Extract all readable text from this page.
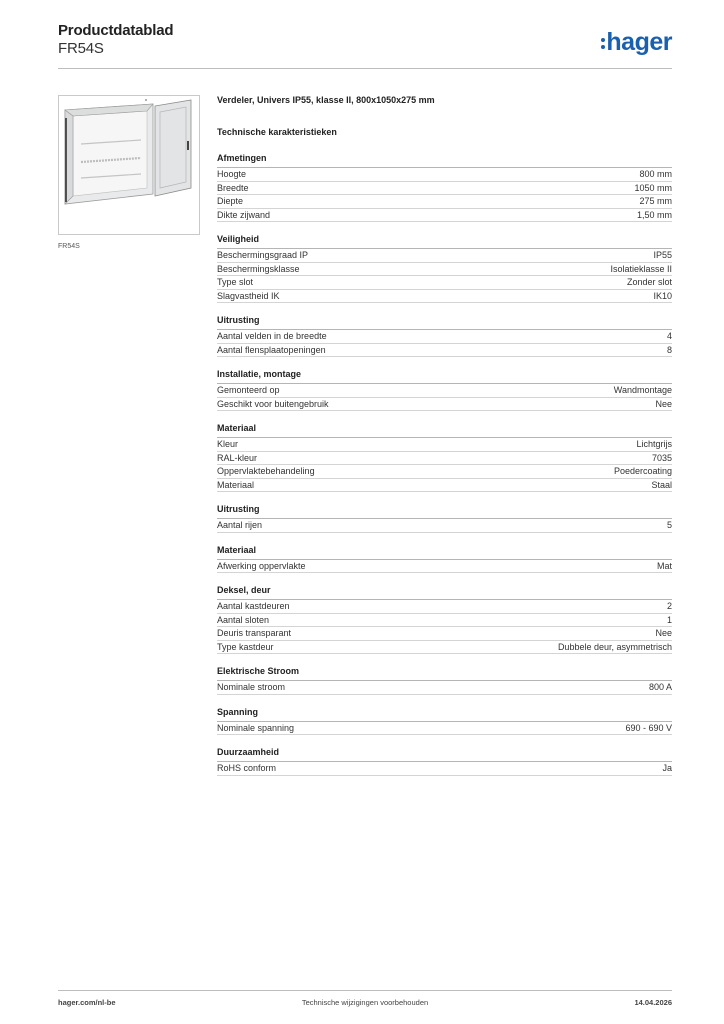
Productdatablad
FR54S	hager
FR54S
Verdeler, Univers IP55, klasse II, 800x1050x275 mm
Technische karakteristieken
Afmetingen
Hoogte	800 mm
Breedte	1050 mm
Diepte	275 mm
Dikte zijwand	1,50 mm
Veiligheid
Beschermingsgraad IP	IP55
Beschermingsklasse	Isolatieklasse II
Type slot	Zonder slot
Slagvastheid IK	IK10
Uitrusting
Aantal velden in de breedte	4
Aantal flensplaatopeningen	8
Installatie, montage
Gemonteerd op	Wandmontage
Geschikt voor buitengebruik	Nee
Materiaal
Kleur	Lichtgrijs
RAL-kleur	7035
Oppervlaktebehandeling	Poedercoating
Materiaal	Staal
Uitrusting
Aantal rijen	5
Materiaal
Afwerking oppervlakte	Mat
Deksel, deur
Aantal kastdeuren	2
Aantal sloten	1
Deuris transparant	Nee
Type kastdeur	Dubbele deur, asymmetrisch
Elektrische Stroom
Nominale stroom	800 A
Spanning
Nominale spanning	690 - 690 V
Duurzaamheid
RoHS conform	Ja
hager.com/nl-be	Technische wijzigingen voorbehouden	14.04.2026
